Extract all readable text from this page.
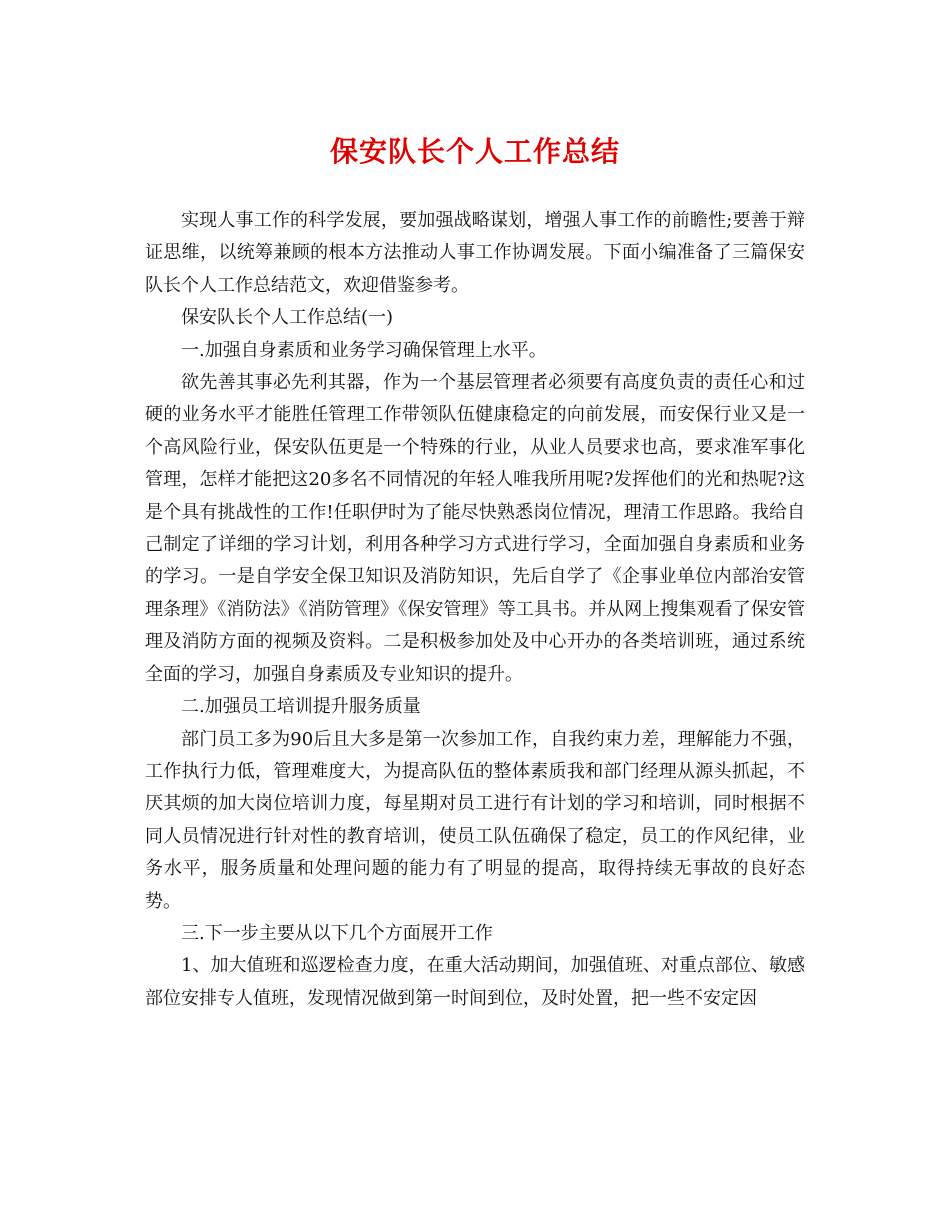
保安队长个人工作总结

实现人事工作的科学发展，要加强战略谋划，增强人事工作的前瞻性;要善于辩证思维，以统筹兼顾的根本方法推动人事工作协调发展。下面小编准备了三篇保安队长个人工作总结范文，欢迎借鉴参考。

保安队长个人工作总结(一)

一.加强自身素质和业务学习确保管理上水平。

欲先善其事必先利其器，作为一个基层管理者必须要有高度负责的责任心和过硬的业务水平才能胜任管理工作带领队伍健康稳定的向前发展，而安保行业又是一个高风险行业，保安队伍更是一个特殊的行业，从业人员要求也高，要求准军事化管理，怎样才能把这20多名不同情况的年轻人唯我所用呢?发挥他们的光和热呢?这是个具有挑战性的工作!任职伊时为了能尽快熟悉岗位情况，理清工作思路。我给自己制定了详细的学习计划，利用各种学习方式进行学习，全面加强自身素质和业务的学习。一是自学安全保卫知识及消防知识，先后自学了《企事业单位内部治安管理条理》《消防法》《消防管理》《保安管理》等工具书。并从网上搜集观看了保安管理及消防方面的视频及资料。二是积极参加处及中心开办的各类培训班，通过系统全面的学习，加强自身素质及专业知识的提升。

二.加强员工培训提升服务质量

部门员工多为90后且大多是第一次参加工作，自我约束力差，理解能力不强，工作执行力低，管理难度大，为提高队伍的整体素质我和部门经理从源头抓起，不厌其烦的加大岗位培训力度，每星期对员工进行有计划的学习和培训，同时根据不同人员情况进行针对性的教育培训，使员工队伍确保了稳定，员工的作风纪律，业务水平，服务质量和处理问题的能力有了明显的提高，取得持续无事故的良好态势。

三.下一步主要从以下几个方面展开工作

1、加大值班和巡逻检查力度，在重大活动期间，加强值班、对重点部位、敏感部位安排专人值班，发现情况做到第一时间到位，及时处置，把一些不安定因
